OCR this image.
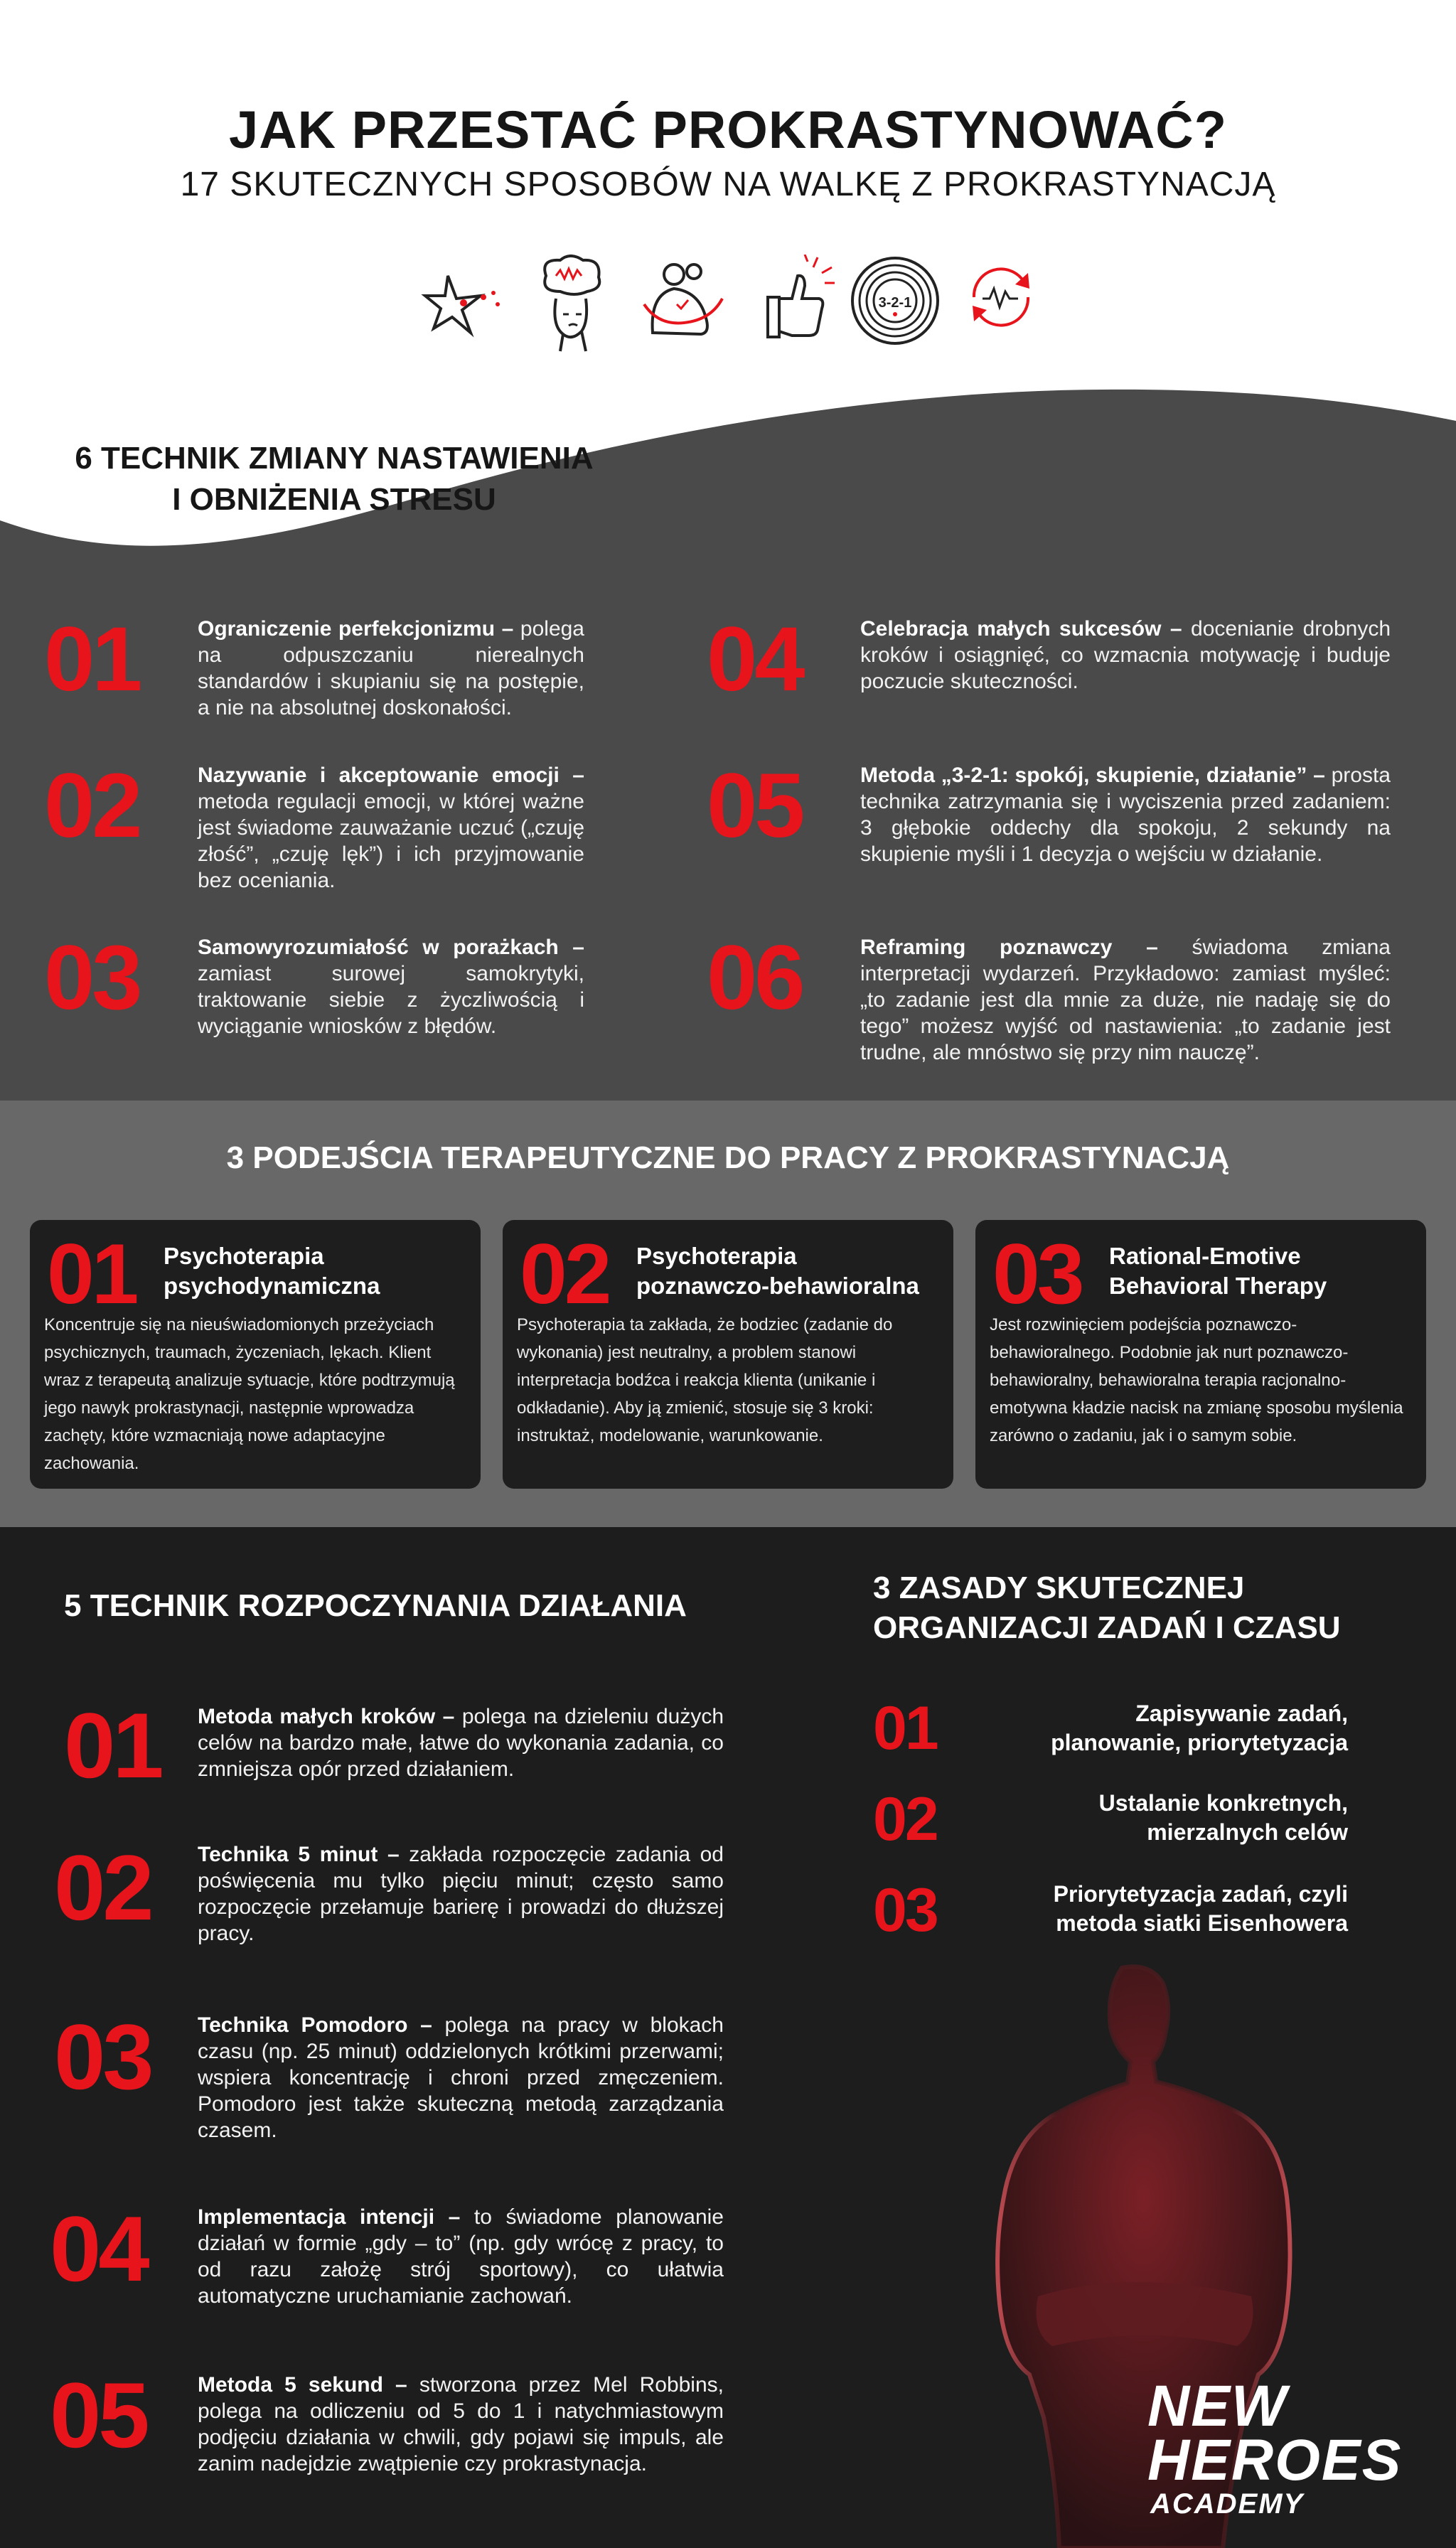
JAK PRZESTAĆ PROKRASTYNOWAĆ?
17 SKUTECZNYCH SPOSOBÓW NA WALKĘ Z PROKRASTYNACJĄ
3-2-1
6 TECHNIK ZMIANY NASTAWIENIA
I OBNIŻENIA STRESU
01	Ograniczenie perfekcjonizmu – polega na odpuszczaniu nierealnych standardów i skupianiu się na postępie, a nie na absolutnej doskonałości.
02	Nazywanie i akceptowanie emocji – metoda regulacji emocji, w której ważne jest świadome zauważanie uczuć („czuję złość”, „czuję lęk”) i ich przyjmowanie bez oceniania.
03	Samowyrozumiałość w porażkach – zamiast surowej samokrytyki, traktowanie siebie z życzliwością i wyciąganie wniosków z błędów.
04	Celebracja małych sukcesów – docenianie drobnych kroków i osiągnięć, co wzmacnia motywację i buduje poczucie skuteczności.
05	Metoda „3-2-1: spokój, skupienie, działanie” – prosta technika zatrzymania się i wyciszenia przed zadaniem: 3 głębokie oddechy dla spokoju, 2 sekundy na skupienie myśli i 1 decyzja o wejściu w działanie.
06	Reframing poznawczy – świadoma zmiana interpretacji wydarzeń. Przykładowo: zamiast myśleć: „to zadanie jest dla mnie za duże, nie nadaję się do tego” możesz wyjść od nastawienia: „to zadanie jest trudne, ale mnóstwo się przy nim nauczę”.
3 PODEJŚCIA TERAPEUTYCZNE DO PRACY Z PROKRASTYNACJĄ
01 Psychoterapia psychodynamiczna
Koncentruje się na nieuświadomionych przeżyciach psychicznych, traumach, życzeniach, lękach. Klient wraz z terapeutą analizuje sytuacje, które podtrzymują jego nawyk prokrastynacji, następnie wprowadza zachęty, które wzmacniają nowe adaptacyjne zachowania.
02 Psychoterapia poznawczo-behawioralna
Psychoterapia ta zakłada, że bodziec (zadanie do wykonania) jest neutralny, a problem stanowi interpretacja bodźca i reakcja klienta (unikanie i odkładanie). Aby ją zmienić, stosuje się 3 kroki: instruktaż, modelowanie, warunkowanie.
03 Rational-Emotive Behavioral Therapy
Jest rozwinięciem podejścia poznawczo-behawioralnego. Podobnie jak nurt poznawczo-behawioralny, behawioralna terapia racjonalno-emotywna kładzie nacisk na zmianę sposobu myślenia zarówno o zadaniu, jak i o samym sobie.
5 TECHNIK ROZPOCZYNANIA DZIAŁANIA
3 ZASADY SKUTECZNEJ
ORGANIZACJI ZADAŃ I CZASU
01 Metoda małych kroków – polega na dzieleniu dużych celów na bardzo małe, łatwe do wykonania zadania, co zmniejsza opór przed działaniem.
02 Technika 5 minut – zakłada rozpoczęcie zadania od poświęcenia mu tylko pięciu minut; często samo rozpoczęcie przełamuje barierę i prowadzi do dłuższej pracy.
03 Technika Pomodoro – polega na pracy w blokach czasu (np. 25 minut) oddzielonych krótkimi przerwami; wspiera koncentrację i chroni przed zmęczeniem. Pomodoro jest także skuteczną metodą zarządzania czasem.
04 Implementacja intencji – to świadome planowanie działań w formie „gdy – to” (np. gdy wrócę z pracy, to od razu założę strój sportowy), co ułatwia automatyczne uruchamianie zachowań.
05 Metoda 5 sekund – stworzona przez Mel Robbins, polega na odliczeniu od 5 do 1 i natychmiastowym podjęciu działania w chwili, gdy pojawi się impuls, ale zanim nadejdzie zwątpienie czy prokrastynacja.
01	Zapisywanie zadań,
planowanie, priorytetyzacja
02	Ustalanie konkretnych,
mierzalnych celów
03	Priorytetyzacja zadań, czyli
metoda siatki Eisenhowera
NEW
HEROES
ACADEMY
